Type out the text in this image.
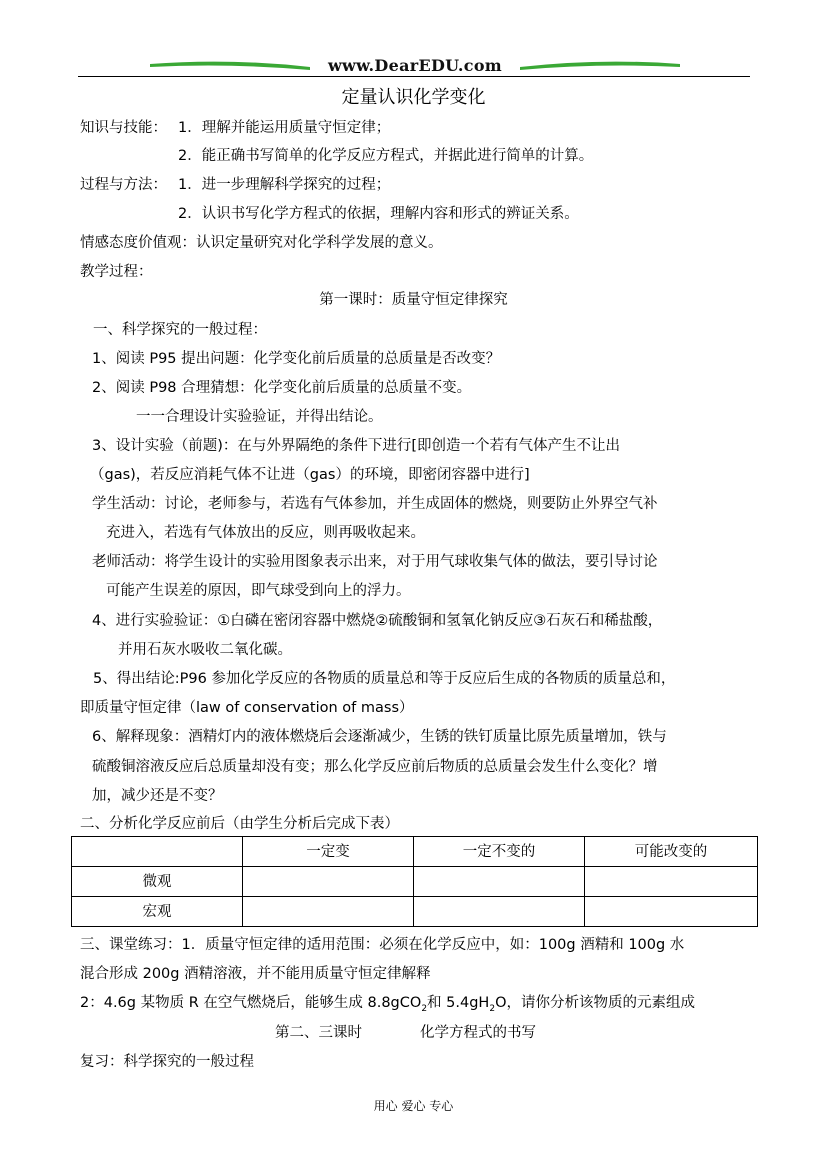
www.DearEDU.com
定量认识化学变化
知识与技能： 1．理解并能运用质量守恒定律；
2．能正确书写简单的化学反应方程式，并据此进行简单的计算。
过程与方法： 1．进一步理解科学探究的过程；
2．认识书写化学方程式的依据，理解内容和形式的辨证关系。
情感态度价值观：认识定量研究对化学科学发展的意义。
教学过程：
第一课时：质量守恒定律探究
一、科学探究的一般过程：
1、阅读 P95 提出问题：化学变化前后质量的总质量是否改变？
2、阅读 P98 合理猜想：化学变化前后质量的总质量不变。
一一合理设计实验验证，并得出结论。
3、设计实验（前题)：在与外界隔绝的条件下进行[即创造一个若有气体产生不让出
（gas)，若反应消耗气体不让进（gas）的环境，即密闭容器中进行]
学生活动：讨论，老师参与，若选有气体参加，并生成固体的燃烧，则要防止外界空气补
充进入，若选有气体放出的反应，则再吸收起来。
老师活动：将学生设计的实验用图象表示出来，对于用气球收集气体的做法，要引导讨论
可能产生误差的原因，即气球受到向上的浮力。
4、进行实验验证：①白磷在密闭容器中燃烧②硫酸铜和氢氧化钠反应③石灰石和稀盐酸，
并用石灰水吸收二氧化碳。
5、得出结论:P96 参加化学反应的各物质的质量总和等于反应后生成的各物质的质量总和，
即质量守恒定律（law of conservation of mass）
6、解释现象：酒精灯内的液体燃烧后会逐渐减少，生锈的铁钉质量比原先质量增加，铁与
硫酸铜溶液反应后总质量却没有变；那么化学反应前后物质的总质量会发生什么变化？增
加，减少还是不变？
二、分析化学反应前后（由学生分析后完成下表）
	一定变	一定不变的	可能改变的
微观			
宏观			
三、课堂练习：1．质量守恒定律的适用范围：必须在化学反应中，如：100g 酒精和 100g 水
混合形成 200g 酒精溶液，并不能用质量守恒定律解释
2：4.6g 某物质 R 在空气燃烧后，能够生成 8.8gCO$_2$和 $5.4gH_2O$，请你分析该物质的元素组成
第二、三课时	化学方程式的书写
复习：科学探究的一般过程
用心 爱心 专心
